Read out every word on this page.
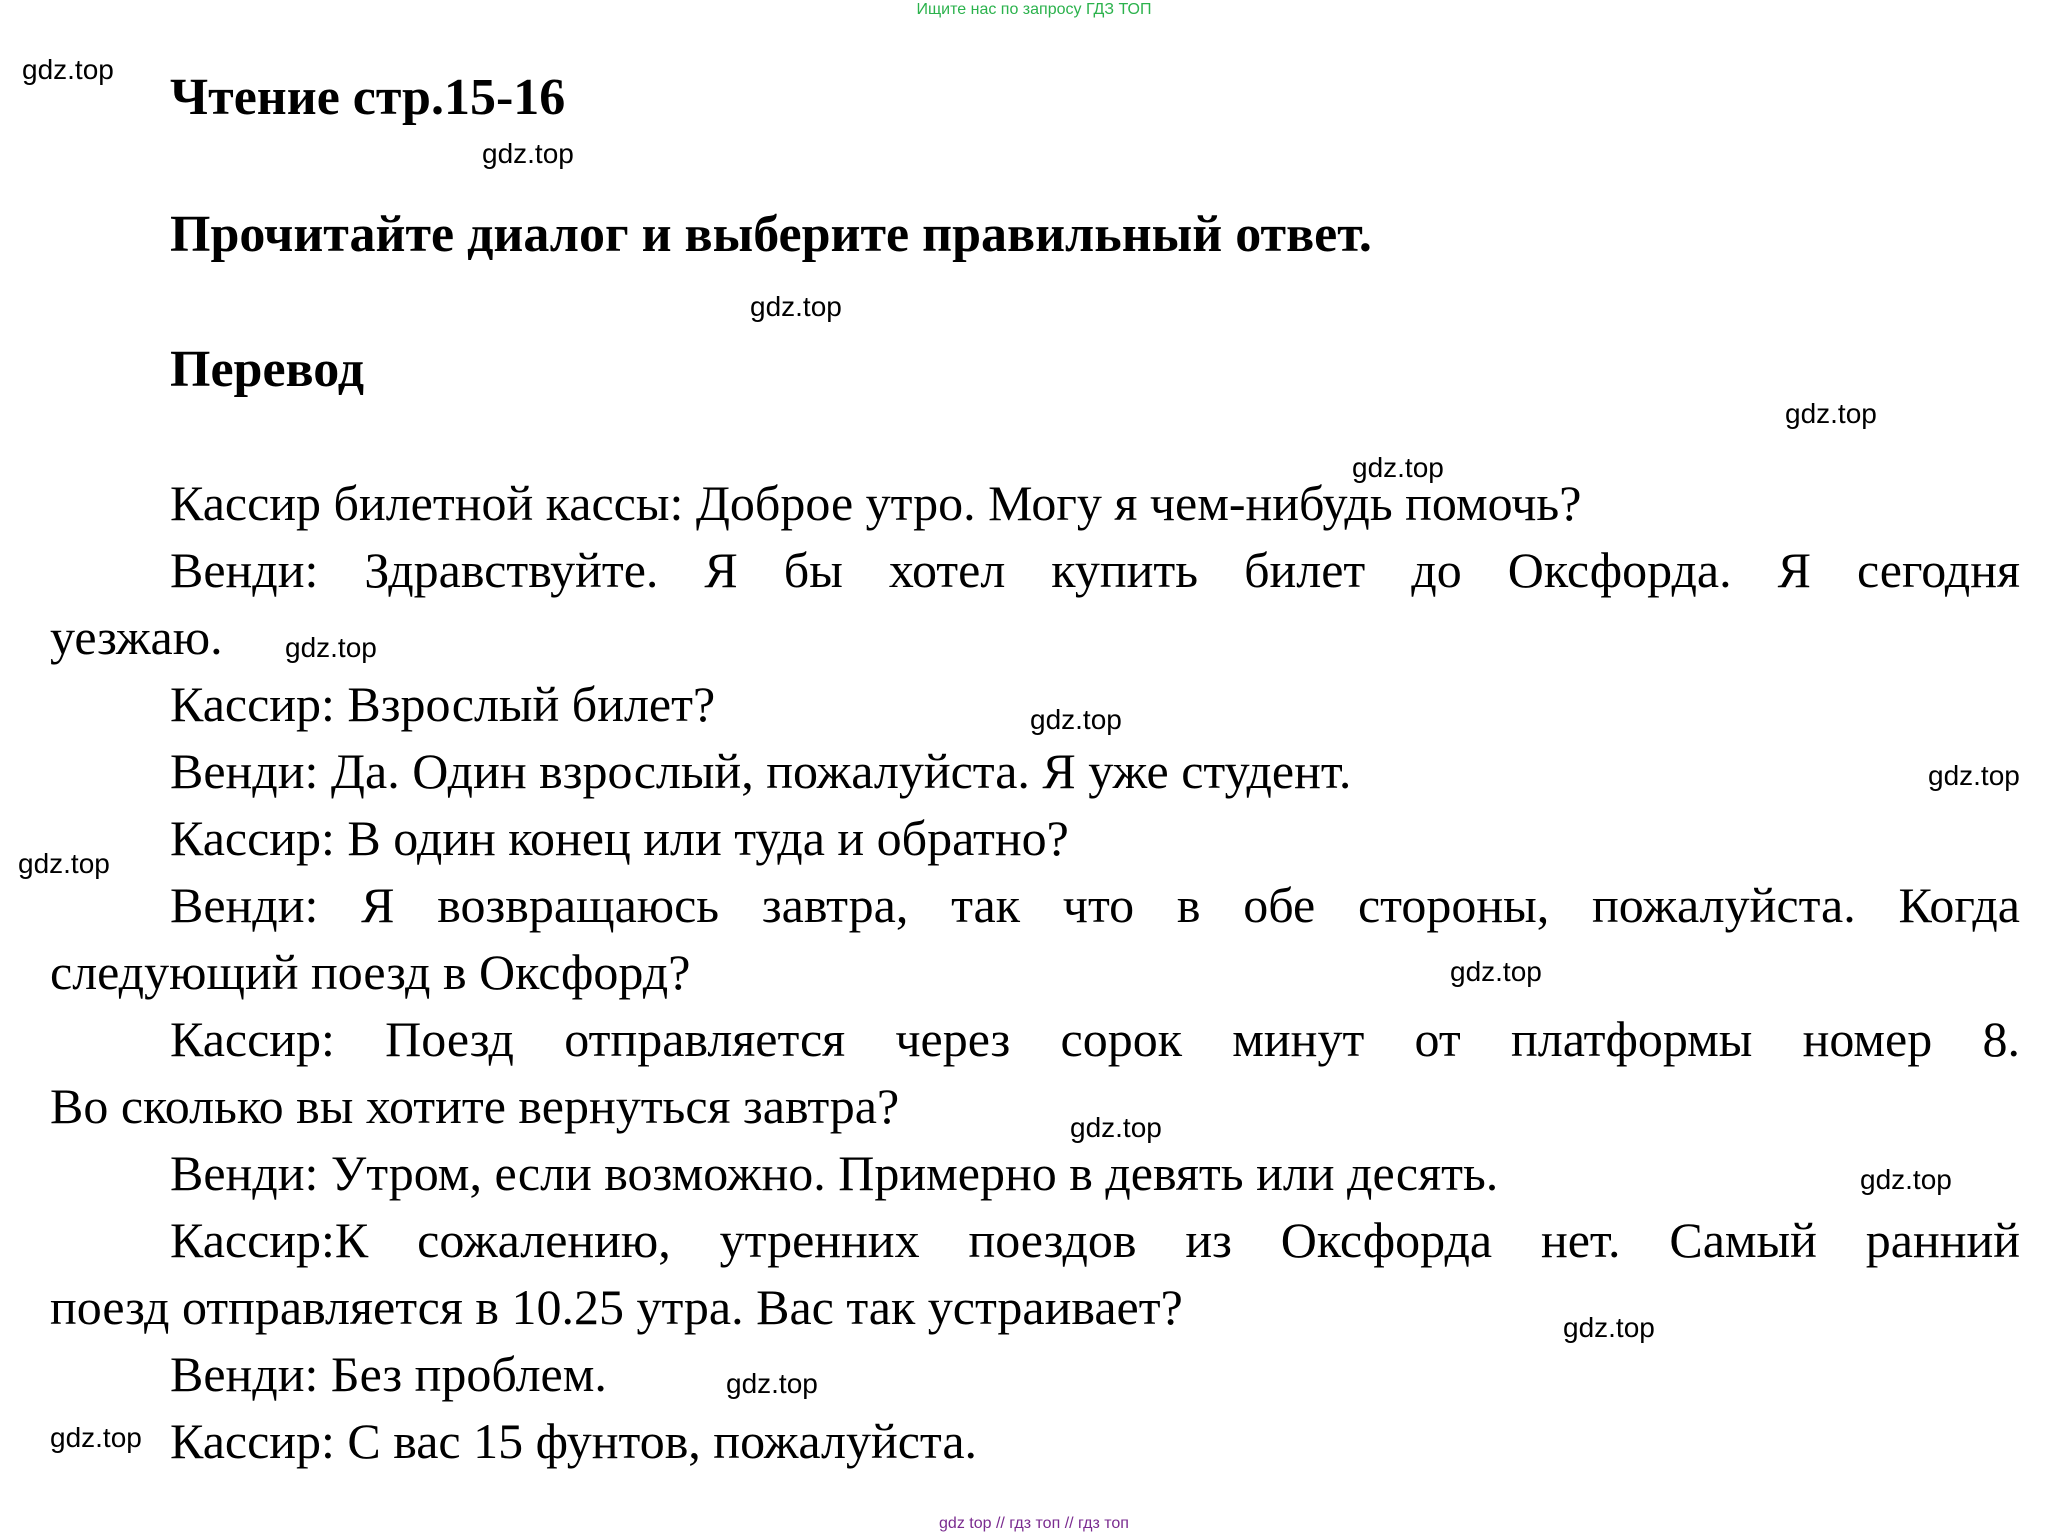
Ищите нас по запросу ГДЗ ТОП
Чтение стр.15-16
Прочитайте диалог и выберите правильный ответ.
Перевод
Кассир билетной кассы: Доброе утро. Могу я чем-нибудь помочь?
Венди: Здравствуйте. Я бы хотел купить билет до Оксфорда. Я сегодня
уезжаю.
Кассир: Взрослый билет?
Венди: Да. Один взрослый, пожалуйста. Я уже студент.
Кассир: В один конец или туда и обратно?
Венди: Я возвращаюсь завтра, так что в обе стороны, пожалуйста. Когда
следующий поезд в Оксфорд?
Кассир: Поезд отправляется через сорок минут от платформы номер 8.
Во сколько вы хотите вернуться завтра?
Венди: Утром, если возможно. Примерно в девять или десять.
Кассир:К сожалению, утренних поездов из Оксфорда нет. Самый ранний
поезд отправляется в 10.25 утра. Вас так устраивает?
Венди: Без проблем.
Кассир: С вас 15 фунтов, пожалуйста.
gdz.top
gdz.top
gdz.top
gdz.top
gdz.top
gdz.top
gdz.top
gdz.top
gdz.top
gdz.top
gdz.top
gdz.top
gdz.top
gdz.top
gdz.top
gdz top // гдз топ // гдз топ
